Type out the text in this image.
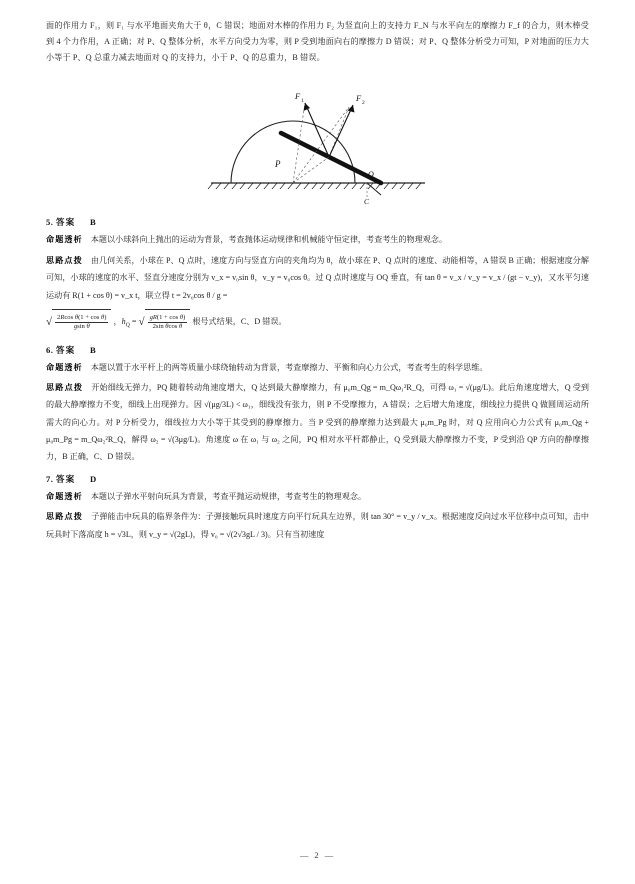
面的作用力 F₁，则 F₁ 与水平地面夹角大于 θ，C 错误；地面对木棒的作用力 F₂ 为竖直向上的支持力 F_N 与水平向左的摩擦力 F_f 的合力，则木棒受到 4 个力作用，A 正确；对 P、Q 整体分析，水平方向受力为零，则 P 受到地面向右的摩擦力 D 错误；对 P、Q 整体分析受力可知，P 对地面的压力大小等于 P、Q 总重力减去地面对 Q 的支持力，小于 P、Q 的总重力，B 错误。

F 1	F 2
P
Q
C
5. 答案 B

命题透析 本题以小球斜向上抛出的运动为背景，考查抛体运动规律和机械能守恒定律，考查考生的物理观念。

思路点拨 由几何关系，小球在 P、Q 点时，速度方向与竖直方向的夹角均为 θ，故小球在 P、Q 点时的速度、动能相等，A 错误 B 正确；根据速度分解可知，小球的速度的水平、竖直分速度分别为 v_x = v₀sin θ，v_y = v₀cos θ。过 Q 点时速度与 OQ 垂直，有 tan θ = v_x / v_y = v_x / (gt − v_y)，又水平匀速运动有 R(1 + cos θ) = v_x t，联立得 t = 2v₀cos θ / g =

√ $\frac{\text{2Rcos θ(1 + cos θ)}}{\text{gsin θ}}$ ，$h_Q$ = √ $\frac{\text{gR(1 + cos θ)}}{\text{2sin θcos θ}}$ 根号式结果，C、D 错误。
6. 答案 B

命题透析 本题以置于水平杆上的两等质量小球绕轴转动为背景，考查摩擦力、平衡和向心力公式，考查考生的科学思维。

思路点拨 开始细线无弹力，PQ 随着转动角速度增大，Q 达到最大静摩擦力，有 μ₀m_Qg = m_Qω₁²R_Q，可得 ω₁ = √(μg/L)。此后角速度增大，Q 受到的最大静摩擦力不变，细线上出现弹力。因 √(μg/3L) < ω₁，细线没有张力，则 P 不受摩擦力，A 错误；之后增大角速度，细线拉力提供 Q 做圆周运动所需大的向心力。对 P 分析受力，细线拉力大小等于其受到的静摩擦力。当 P 受到的静摩擦力达到最大 μ₀m_Pg 时，对 Q 应用向心力公式有 μ₀m_Qg + μ₀m_Pg = m_Qω₂²R_Q，解得 ω₂ = √(3μg/L)。角速度 ω 在 ω₁ 与 ω₂ 之间，PQ 相对水平杆都静止，Q 受到最大静摩擦力不变，P 受到沿 QP 方向的静摩擦力，B 正确，C、D 错误。

7. 答案 D

命题透析 本题以子弹水平射向玩具为背景，考查平抛运动规律，考查考生的物理观念。

思路点拨 子弹能击中玩具的临界条件为：子弹接触玩具时速度方向平行玩具左边界，则 tan 30° = v_y / v_x。根据速度反向过水平位移中点可知，击中玩具时下落高度 h = √3L，则 v_y = √(2gL)，得 v₀ = √(2√3gL / 3)。只有当初速度

— 2 —
